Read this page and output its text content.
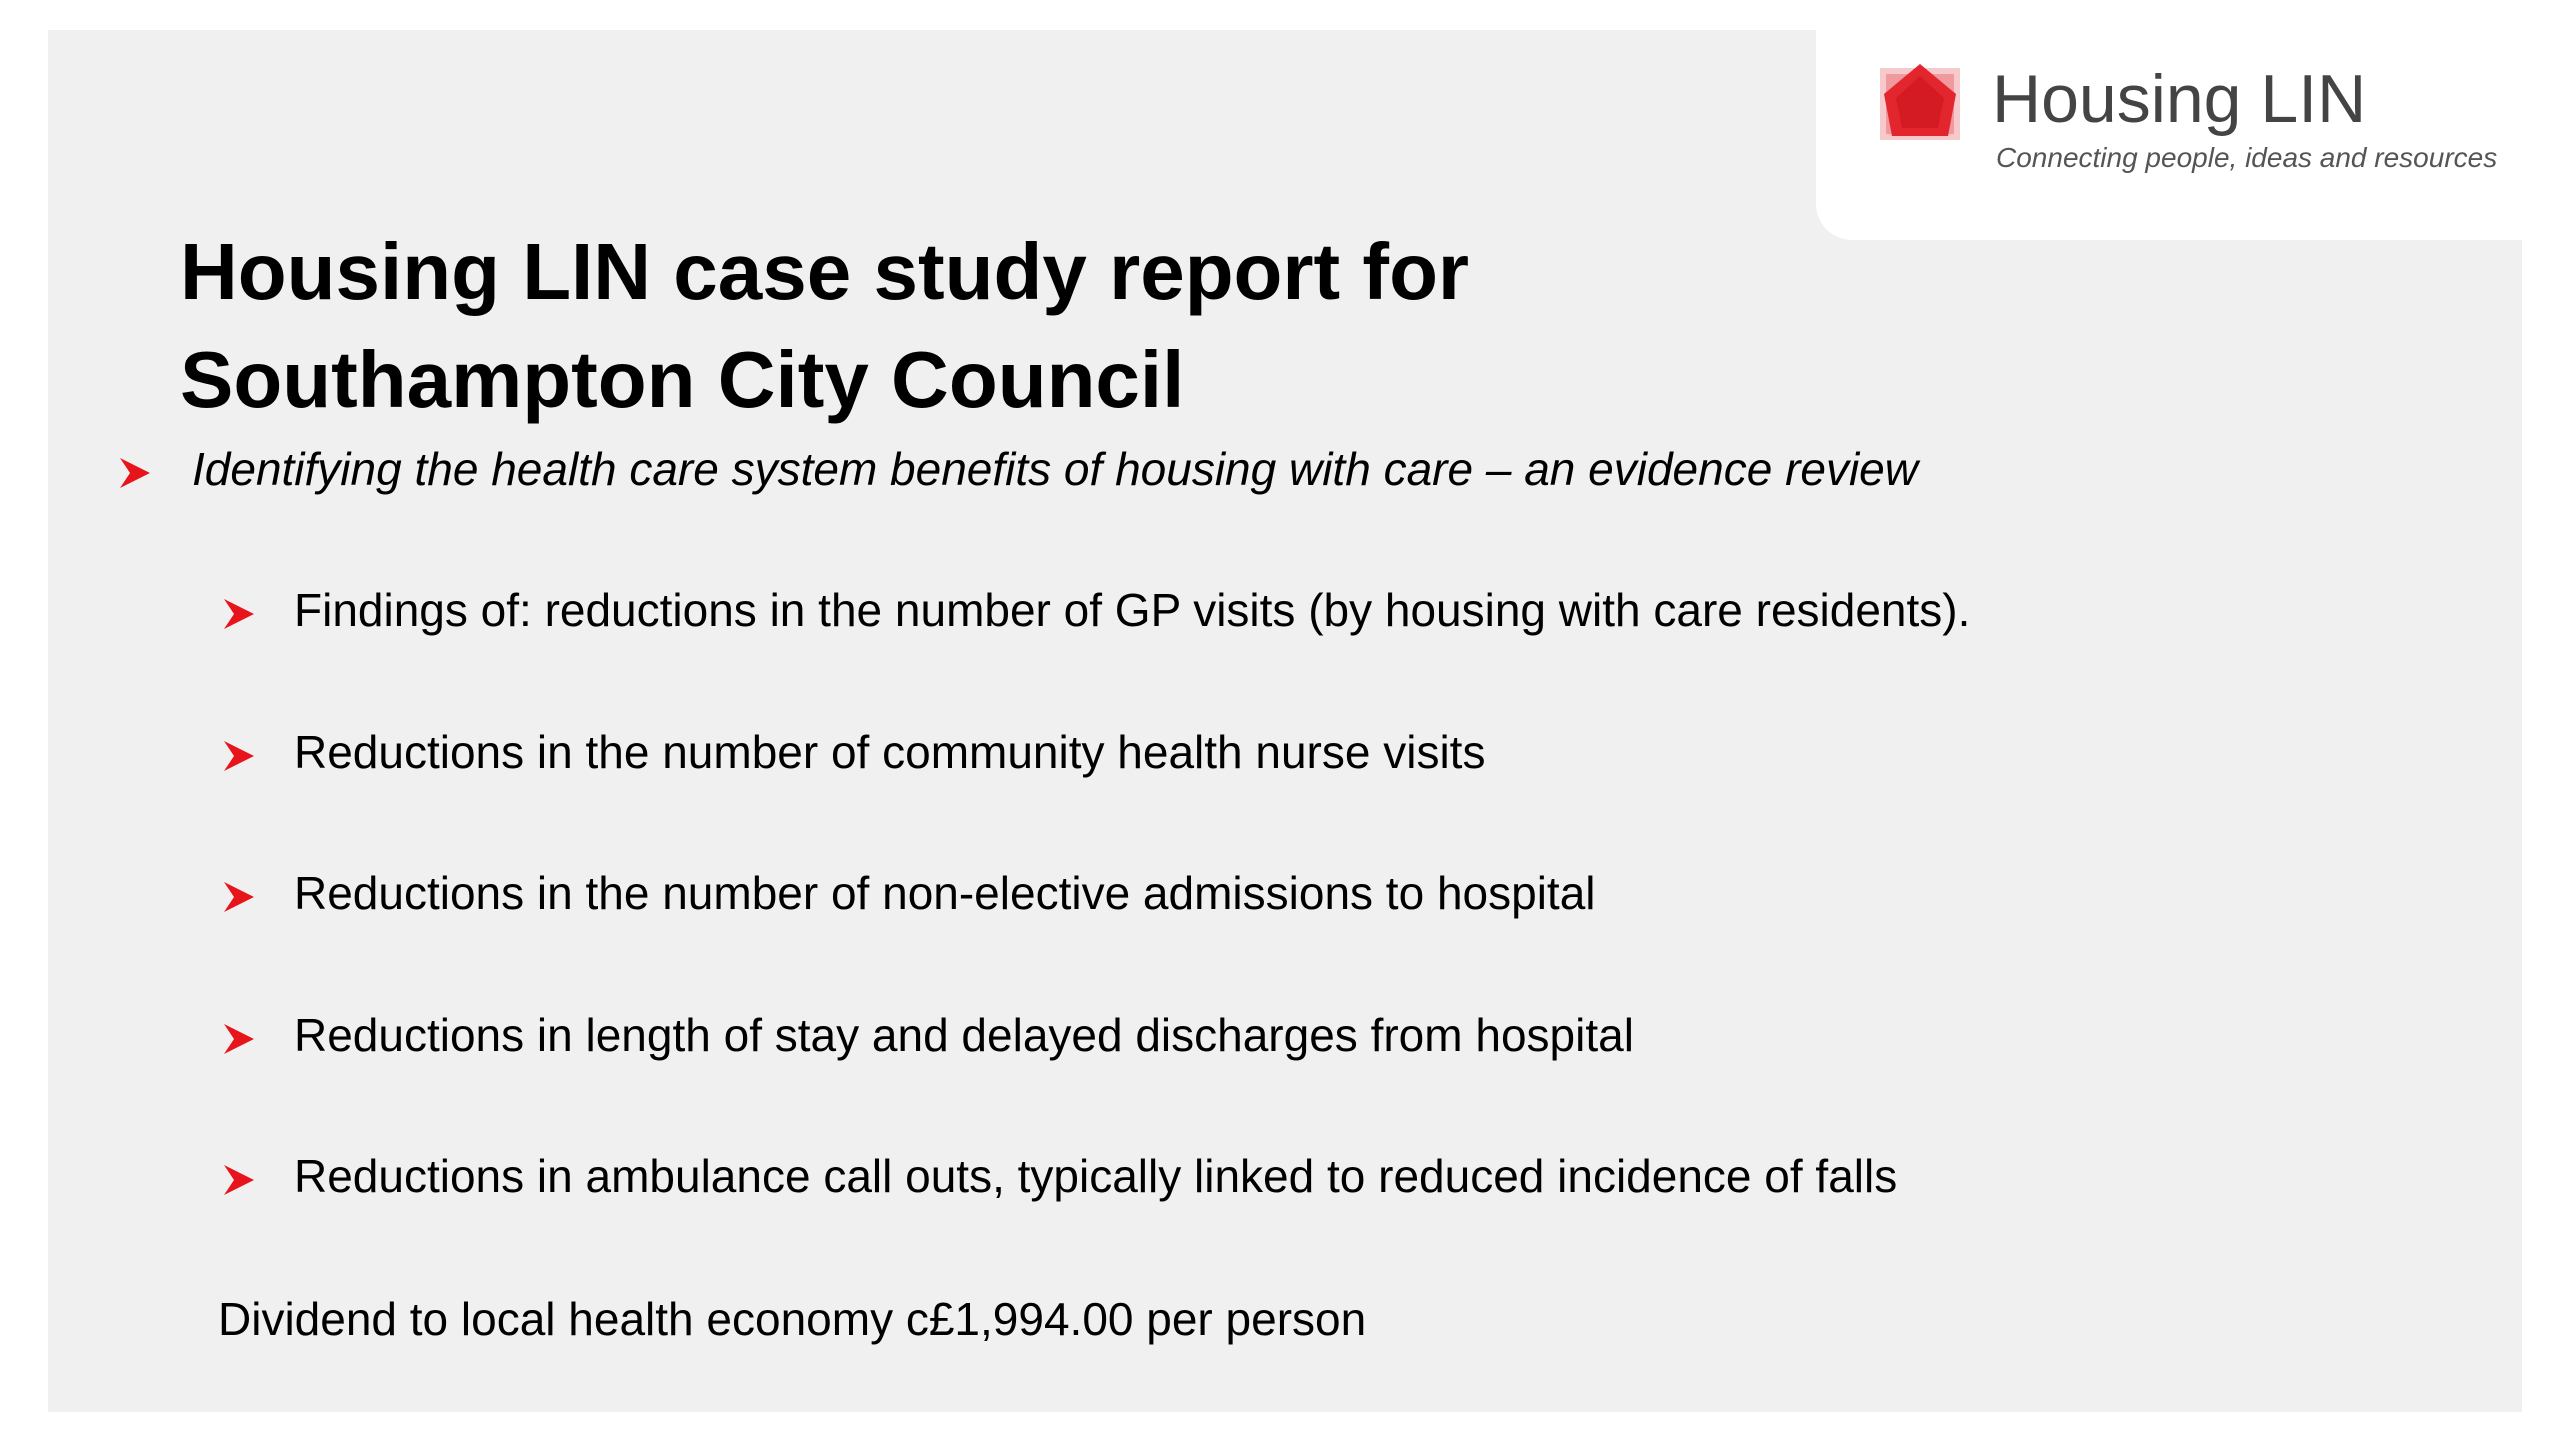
Housing LIN
Connecting people, ideas and resources
Housing LIN case study report for
Southampton City Council
Identifying the health care system benefits of housing with care – an evidence review
Findings of: reductions in the number of GP visits (by housing with care residents).
Reductions in the number of community health nurse visits
Reductions in the number of non-elective admissions to hospital
Reductions in length of stay and delayed discharges from hospital
Reductions in ambulance call outs, typically linked to reduced incidence of falls
Dividend to local health economy c£1,994.00 per person
